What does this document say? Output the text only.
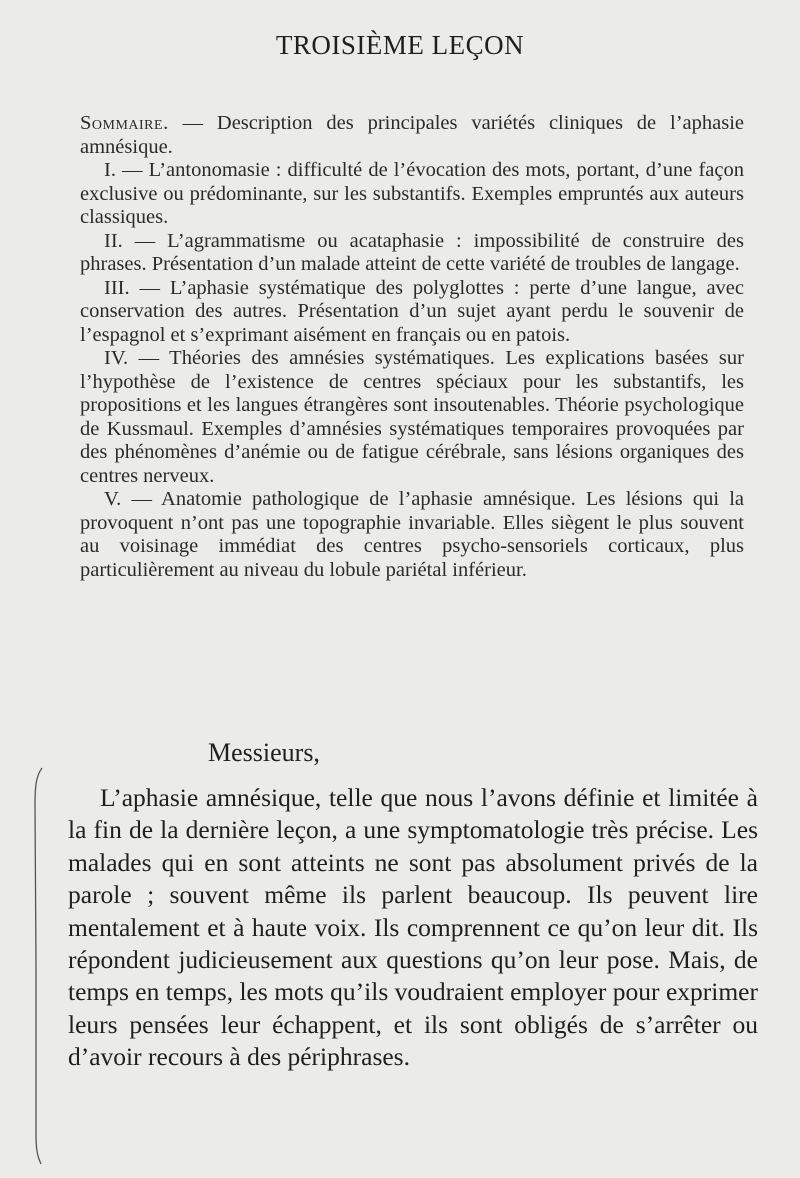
TROISIÈME LEÇON

Sommaire. — Description des principales variétés cliniques de l’aphasie amnésique.

I. — L’antonomasie : difficulté de l’évocation des mots, portant, d’une façon exclusive ou prédominante, sur les substantifs. Exemples empruntés aux auteurs classiques.

II. — L’agrammatisme ou acataphasie : impossibilité de construire des phrases. Présentation d’un malade atteint de cette variété de troubles de langage.

III. — L’aphasie systématique des polyglottes : perte d’une langue, avec conservation des autres. Présentation d’un sujet ayant perdu le souvenir de l’espagnol et s’exprimant aisément en français ou en patois.

IV. — Théories des amnésies systématiques. Les explications basées sur l’hypothèse de l’existence de centres spéciaux pour les substantifs, les propositions et les langues étrangères sont insoutenables. Théorie psychologique de Kussmaul. Exemples d’amnésies systématiques temporaires provoquées par des phénomènes d’anémie ou de fatigue cérébrale, sans lésions organiques des centres nerveux.

V. — Anatomie pathologique de l’aphasie amnésique. Les lésions qui la provoquent n’ont pas une topographie invariable. Elles siègent le plus souvent au voisinage immédiat des centres psycho-sensoriels corticaux, plus particulièrement au niveau du lobule pariétal inférieur.

Messieurs,

L’aphasie amnésique, telle que nous l’avons définie et limitée à la fin de la dernière leçon, a une symptomatologie très précise. Les malades qui en sont atteints ne sont pas absolument privés de la parole ; souvent même ils parlent beaucoup. Ils peuvent lire mentalement et à haute voix. Ils comprennent ce qu’on leur dit. Ils répondent judicieusement aux questions qu’on leur pose. Mais, de temps en temps, les mots qu’ils voudraient employer pour exprimer leurs pensées leur échappent, et ils sont obligés de s’arrêter ou d’avoir recours à des périphrases.
